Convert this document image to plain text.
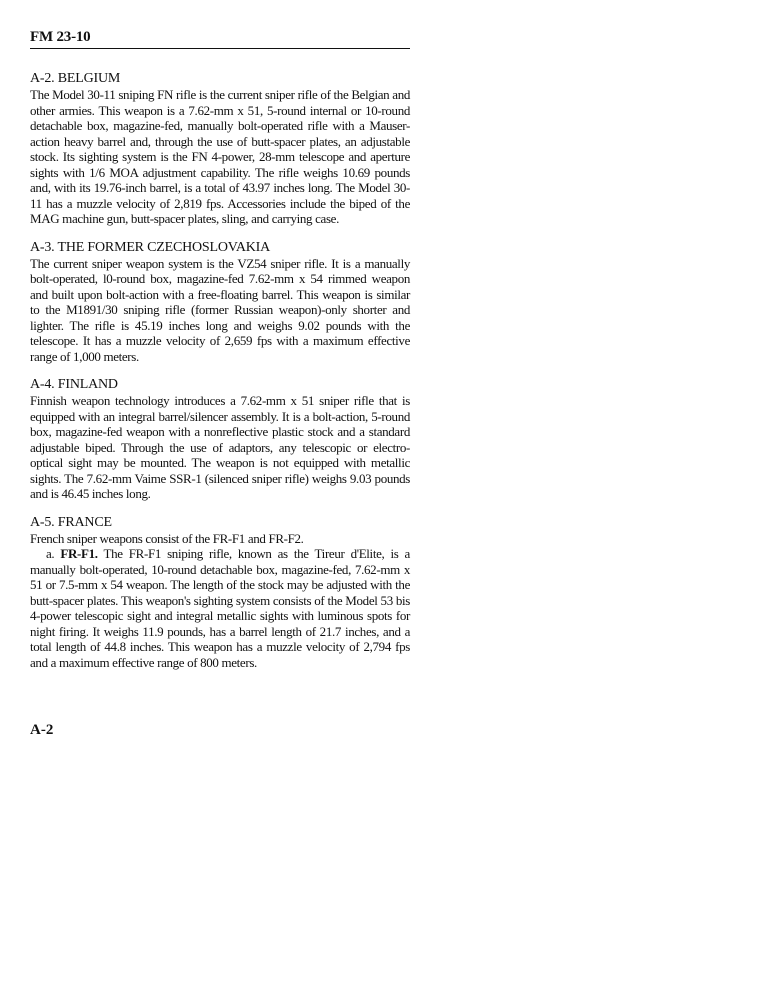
FM 23-10
A-2. BELGIUM

The Model 30-11 sniping FN rifle is the current sniper rifle of the Belgian and other armies. This weapon is a 7.62-mm x 51, 5-round internal or 10-round detachable box, magazine-fed, manually bolt-operated rifle with a Mauser-action heavy barrel and, through the use of butt-spacer plates, an adjustable stock. Its sighting system is the FN 4-power, 28-mm telescope and aperture sights with 1/6 MOA adjustment capability. The rifle weighs 10.69 pounds and, with its 19.76-inch barrel, is a total of 43.97 inches long. The Model 30-11 has a muzzle velocity of 2,819 fps. Accessories include the biped of the MAG machine gun, butt-spacer plates, sling, and carrying case.

A-3. THE FORMER CZECHOSLOVAKIA

The current sniper weapon system is the VZ54 sniper rifle. It is a manually bolt-operated, l0-round box, magazine-fed 7.62-mm x 54 rimmed weapon and built upon bolt-action with a free-floating barrel. This weapon is similar to the M1891/30 sniping rifle (former Russian weapon)-only shorter and lighter. The rifle is 45.19 inches long and weighs 9.02 pounds with the telescope. It has a muzzle velocity of 2,659 fps with a maximum effective range of 1,000 meters.

A-4. FINLAND

Finnish weapon technology introduces a 7.62-mm x 51 sniper rifle that is equipped with an integral barrel/silencer assembly. It is a bolt-action, 5-round box, magazine-fed weapon with a nonreflective plastic stock and a standard adjustable biped. Through the use of adaptors, any telescopic or electro-optical sight may be mounted. The weapon is not equipped with metallic sights. The 7.62-mm Vaime SSR-1 (silenced sniper rifle) weighs 9.03 pounds and is 46.45 inches long.

A-5. FRANCE

French sniper weapons consist of the FR-F1 and FR-F2.

a. FR-F1. The FR-F1 sniping rifle, known as the Tireur d'Elite, is a manually bolt-operated, 10-round detachable box, magazine-fed, 7.62-mm x 51 or 7.5-mm x 54 weapon. The length of the stock may be adjusted with the butt-spacer plates. This weapon's sighting system consists of the Model 53 bis 4-power telescopic sight and integral metallic sights with luminous spots for night firing. It weighs 11.9 pounds, has a barrel length of 21.7 inches, and a total length of 44.8 inches. This weapon has a muzzle velocity of 2,794 fps and a maximum effective range of 800 meters.

A-2
